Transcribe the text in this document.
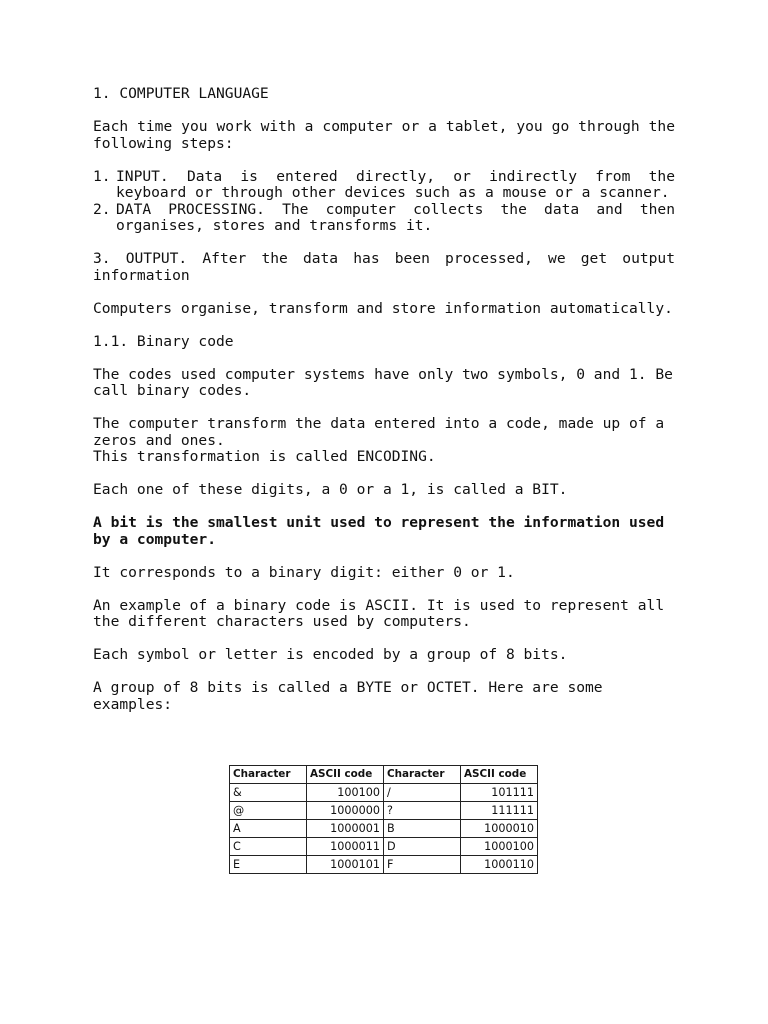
1. COMPUTER LANGUAGE

Each time you work with a computer or a tablet, you go through the following steps:

1. INPUT. Data is entered directly, or indirectly from the keyboard or through other devices such as a mouse or a scanner.
2. DATA PROCESSING. The computer collects the data and then organises, stores and transforms it.

3. OUTPUT. After the data has been processed, we get output information

Computers organise, transform and store information automatically.

1.1. Binary code

The codes used computer systems have only two symbols, 0 and 1. Be call binary codes.

The computer transform the data entered into a code, made up of a zeros and ones.
This transformation is called ENCODING.

Each one of these digits, a 0 or a 1, is called a BIT.

A bit is the smallest unit used to represent the information used by a computer.

It corresponds to a binary digit: either 0 or 1.

An example of a binary code is ASCII. It is used to represent all the different characters used by computers.

Each symbol or letter is encoded by a group of 8 bits.

A group of 8 bits is called a BYTE or OCTET. Here are some examples:

Character	ASCII code	Character	ASCII code
&	100100	/	101111
@	1000000	?	111111
A	1000001	B	1000010
C	1000011	D	1000100
E	1000101	F	1000110
